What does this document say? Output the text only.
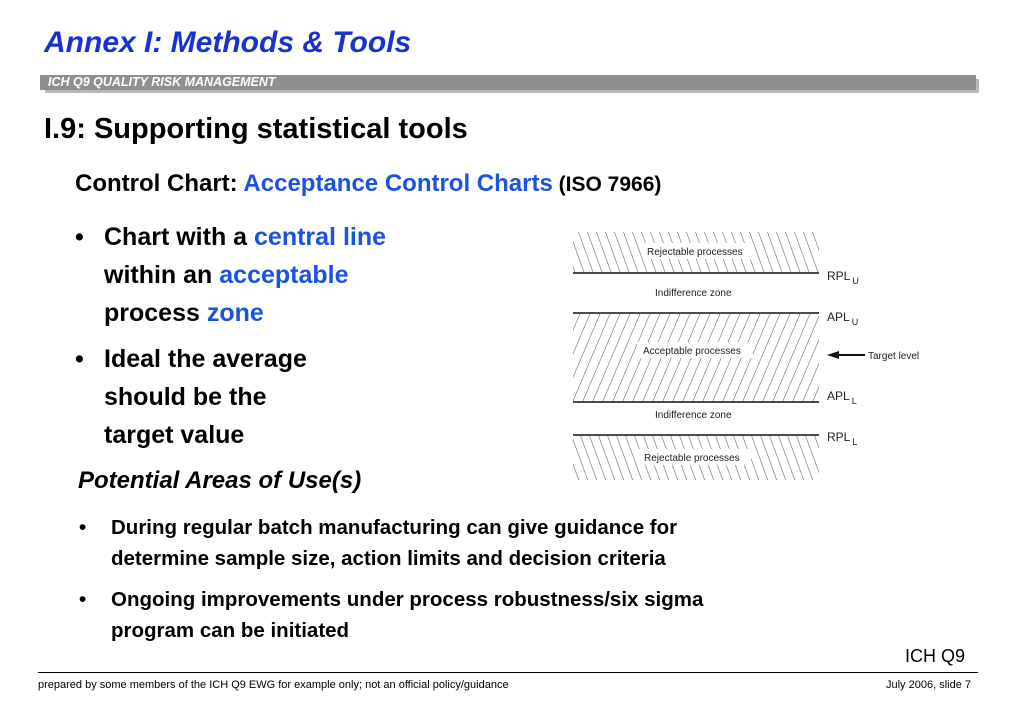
Annex I: Methods & Tools
ICH Q9 QUALITY RISK MANAGEMENT
I.9: Supporting statistical tools
Control Chart: Acceptance Control Charts (ISO 7966)
• Chart with a central line
within an acceptable
process zone
• Ideal the average
should be the
target value
Rejectable processes
Indifference zone
Acceptable processes
Indifference zone
Rejectable processes
RPL $_U$
APL $_U$
APL $_L$
RPL $_L$
Target level
Potential Areas of Use(s)
• During regular batch manufacturing can give guidance for
determine sample size, action limits and decision criteria
• Ongoing improvements under process robustness/six sigma
program can be initiated
ICH Q9
prepared by some members of the ICH Q9 EWG for example only; not an official policy/guidance	July 2006, slide 7
